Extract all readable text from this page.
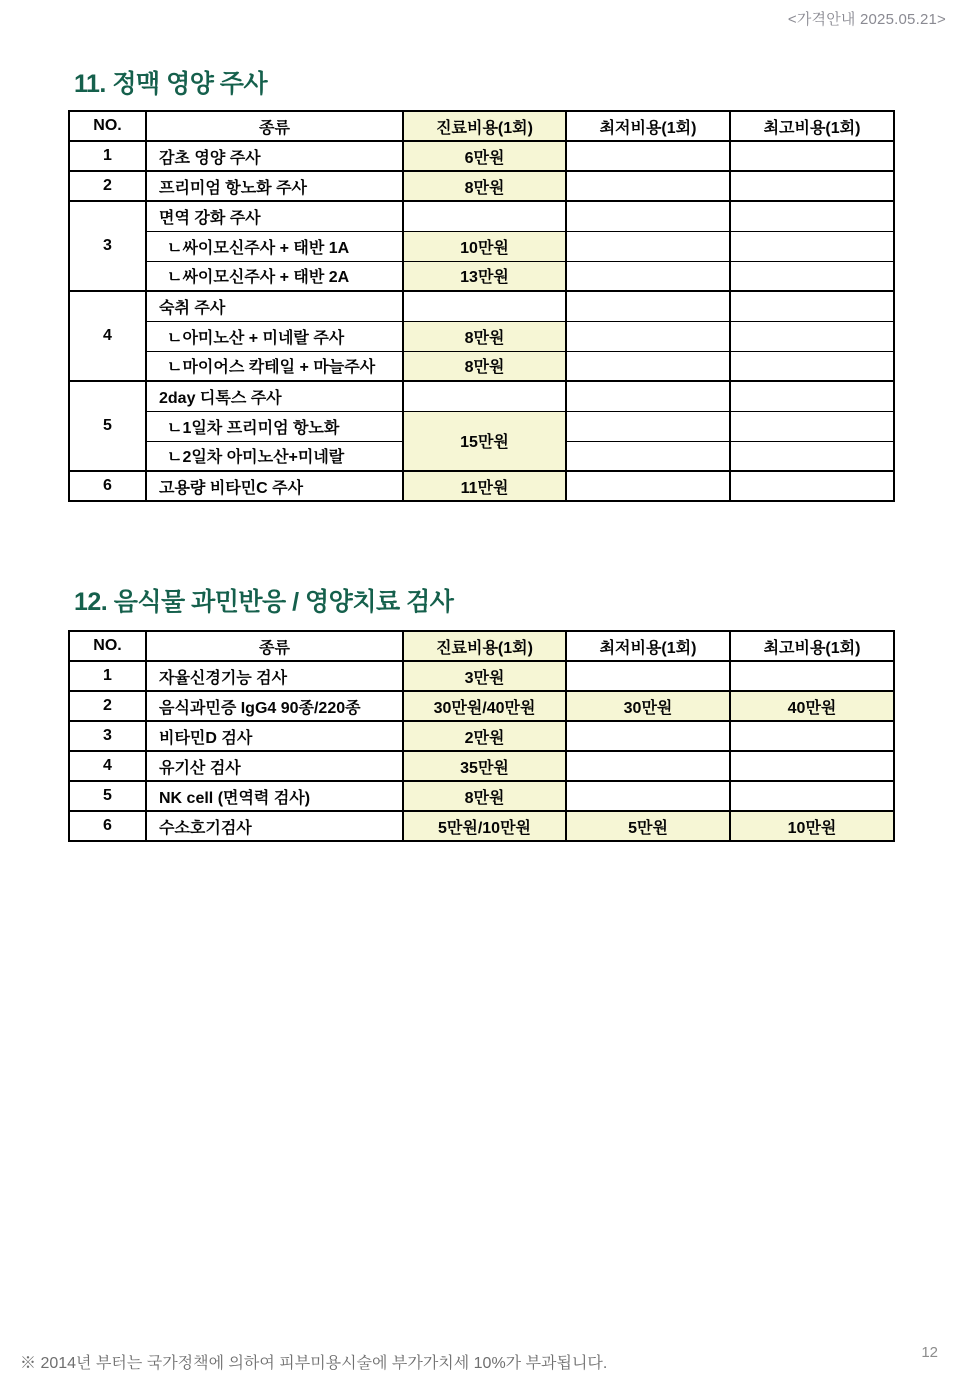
<가격안내 2025.05.21>
11. 정맥 영양 주사
NO.	종류	진료비용(1회)	최저비용(1회)	최고비용(1회)
1	감초 영양 주사	6만원		
2	프리미엄 항노화 주사	8만원		
3	면역 강화 주사			
	ㄴ싸이모신주사 + 태반 1A	10만원		
	ㄴ싸이모신주사 + 태반 2A	13만원		
4	숙취 주사			
	ㄴ아미노산 + 미네랄 주사	8만원		
	ㄴ마이어스 칵테일 + 마늘주사	8만원		
5	2day 디톡스 주사			
	ㄴ1일차 프리미엄 항노화	15만원		
	ㄴ2일차 아미노산+미네랄			
6	고용량 비타민C 주사	11만원		
12. 음식물 과민반응 / 영양치료 검사
NO.	종류	진료비용(1회)	최저비용(1회)	최고비용(1회)
1	자율신경기능 검사	3만원		
2	음식과민증 IgG4 90종/220종	30만원/40만원	30만원	40만원
3	비타민D 검사	2만원		
4	유기산 검사	35만원		
5	NK cell (면역력 검사)	8만원		
6	수소호기검사	5만원/10만원	5만원	10만원
※ 2014년 부터는 국가정책에 의하여 피부미용시술에 부가가치세 10%가 부과됩니다.
12
